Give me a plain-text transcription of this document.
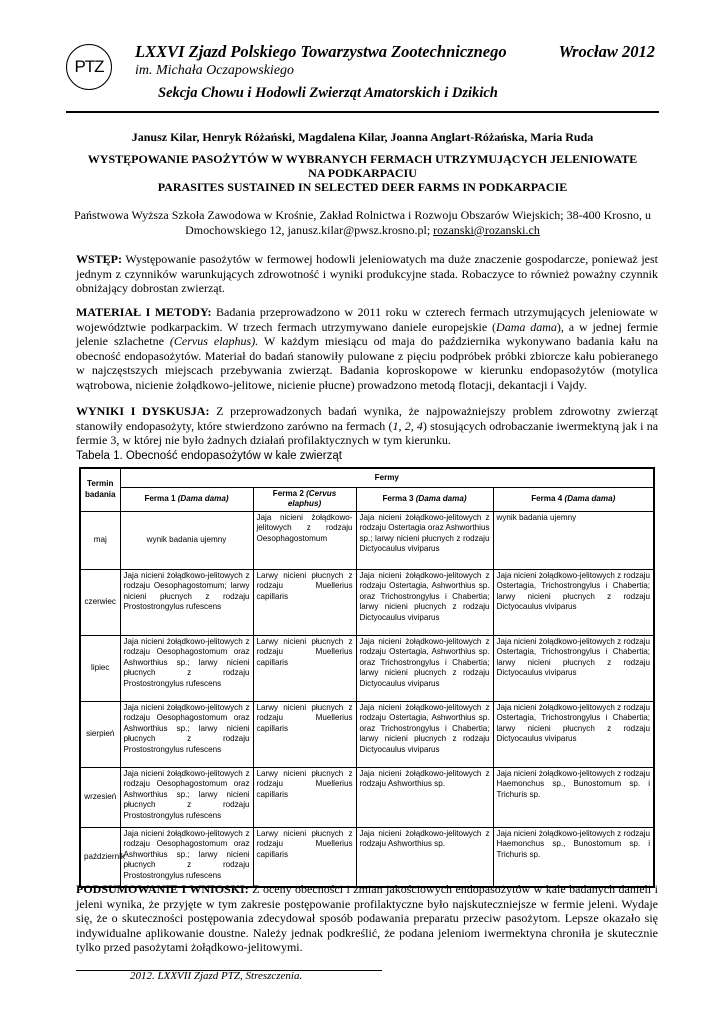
PTZ
LXXVI Zjazd Polskiego Towarzystwa Zootechnicznego	Wrocław 2012
im. Michała Oczapowskiego
Sekcja Chowu i Hodowli Zwierząt Amatorskich i Dzikich
Janusz Kilar, Henryk Różański, Magdalena Kilar, Joanna Anglart-Różańska, Maria Ruda
WYSTĘPOWANIE PASOŻYTÓW W WYBRANYCH FERMACH UTRZYMUJĄCYCH JELENIOWATE
NA PODKARPACIU
PARASITES SUSTAINED IN SELECTED DEER FARMS IN PODKARPACIE
Państwowa Wyższa Szkoła Zawodowa w Krośnie, Zakład Rolnictwa i Rozwoju Obszarów Wiejskich; 38-400 Krosno, u
Dmochowskiego 12, janusz.kilar@pwsz.krosno.pl; rozanski@rozanski.ch
WSTĘP: Występowanie pasożytów w fermowej hodowli jeleniowatych ma duże znaczenie gospodarcze, ponieważ jest jednym z czynników warunkujących zdrowotność i wyniki produkcyjne stada. Robaczyce to również poważny czynnik obniżający dobrostan zwierząt.
MATERIAŁ I METODY: Badania przeprowadzono w 2011 roku w czterech fermach utrzymujących jeleniowate w województwie podkarpackim. W trzech fermach utrzymywano daniele europejskie (Dama dama), a w jednej fermie jelenie szlachetne (Cervus elaphus). W każdym miesiącu od maja do października wykonywano badania kału na obecność endopasożytów. Materiał do badań stanowiły pulowane z pięciu podpróbek próbki zbiorcze kału pobieranego w najczęstszych miejscach przebywania zwierząt. Badania koproskopowe w kierunku endopasożytów (motylica wątrobowa, nicienie żołądkowo-jelitowe, nicienie płucne) prowadzono metodą flotacji, dekantacji i Vajdy.
WYNIKI I DYSKUSJA: Z przeprowadzonych badań wynika, że najpoważniejszy problem zdrowotny zwierząt stanowiły endopasożyty, które stwierdzono zarówno na fermach (1, 2, 4) stosujących odrobaczanie iwermektyną jak i na fermie 3, w której nie było żadnych działań profilaktycznych w tym kierunku.
Tabela 1. Obecność endopasożytów w kale zwierząt
Termin badania	Fermy			
	Ferma 1 (Dama dama)	Ferma 2 (Cervus elaphus)	Ferma 3 (Dama dama)	Ferma 4 (Dama dama)
maj	wynik badania ujemny	Jaja nicieni żołądkowo-jelitowych z rodzaju Oesophagostomum	Jaja nicieni żołądkowo-jelitowych z rodzaju Ostertagia oraz Ashworthius sp.; larwy nicieni płucnych z rodzaju Dictyocaulus viviparus	wynik badania ujemny
czerwiec	Jaja nicieni żołądkowo-jelitowych z rodzaju Oesophagostomum; larwy nicieni płucnych z rodzaju Prostostrongylus rufescens	Larwy nicieni płucnych z rodzaju Muellerius capillaris	Jaja nicieni żołądkowo-jelitowych z rodzaju Ostertagia, Ashworthius sp. oraz Trichostrongylus i Chabertia; larwy nicieni płucnych z rodzaju Dictyocaulus viviparus	Jaja nicieni żołądkowo-jelitowych z rodzaju Ostertagia, Trichostrongylus i Chabertia; larwy nicieni płucnych z rodzaju Dictyocaulus viviparus
lipiec	Jaja nicieni żołądkowo-jelitowych z rodzaju Oesophagostomum oraz Ashworthius sp.; larwy nicieni płucnych z rodzaju Prostostrongylus rufescens	Larwy nicieni płucnych z rodzaju Muellerius capillaris	Jaja nicieni żołądkowo-jelitowych z rodzaju Ostertagia, Ashworthius sp. oraz Trichostrongylus i Chabertia; larwy nicieni płucnych z rodzaju Dictyocaulus viviparus	Jaja nicieni żołądkowo-jelitowych z rodzaju Ostertagia, Trichostrongylus i Chabertia; larwy nicieni płucnych z rodzaju Dictyocaulus viviparus
sierpień	Jaja nicieni żołądkowo-jelitowych z rodzaju Oesophagostomum oraz Ashworthius sp.; larwy nicieni płucnych z rodzaju Prostostrongylus rufescens	Larwy nicieni płucnych z rodzaju Muellerius capillaris	Jaja nicieni żołądkowo-jelitowych z rodzaju Ostertagia, Ashworthius sp. oraz Trichostrongylus i Chabertia; larwy nicieni płucnych z rodzaju Dictyocaulus viviparus	Jaja nicieni żołądkowo-jelitowych z rodzaju Ostertagia, Trichostrongylus i Chabertia; larwy nicieni płucnych z rodzaju Dictyocaulus viviparus
wrzesień	Jaja nicieni żołądkowo-jelitowych z rodzaju Oesophagostomum oraz Ashworthius sp.; larwy nicieni płucnych z rodzaju Prostostrongylus rufescens	Larwy nicieni płucnych z rodzaju Muellerius capillaris	Jaja nicieni żołądkowo-jelitowych z rodzaju Ashworthius sp.	Jaja nicieni żołądkowo-jelitowych z rodzaju Haemonchus sp., Bunostomum sp. i Trichuris sp.
październik	Jaja nicieni żołądkowo-jelitowych z rodzaju Oesophagostomum oraz Ashworthius sp.; larwy nicieni płucnych z rodzaju Prostostrongylus rufescens	Larwy nicieni płucnych z rodzaju Muellerius capillaris	Jaja nicieni żołądkowo-jelitowych z rodzaju Ashworthius sp.	Jaja nicieni żołądkowo-jelitowych z rodzaju Haemonchus sp., Bunostomum sp. i Trichuris sp.
PODSUMOWANIE I WNIOSKI: Z oceny obecności i zmian jakościowych endopasożytów w kale badanych danieli i jeleni wynika, że przyjęte w tym zakresie postępowanie profilaktyczne było najskuteczniejsze w fermie jeleni. Wydaje się, że o skuteczności postępowania zdecydował sposób podawania preparatu przeciw pasożytom. Lepsze okazało się indywidualne aplikowanie doustne. Należy jednak podkreślić, że podana jeleniom iwermektyna chroniła je skutecznie tylko przed pasożytami żołądkowo-jelitowymi.
2012. LXXVII Zjazd PTZ, Streszczenia.
